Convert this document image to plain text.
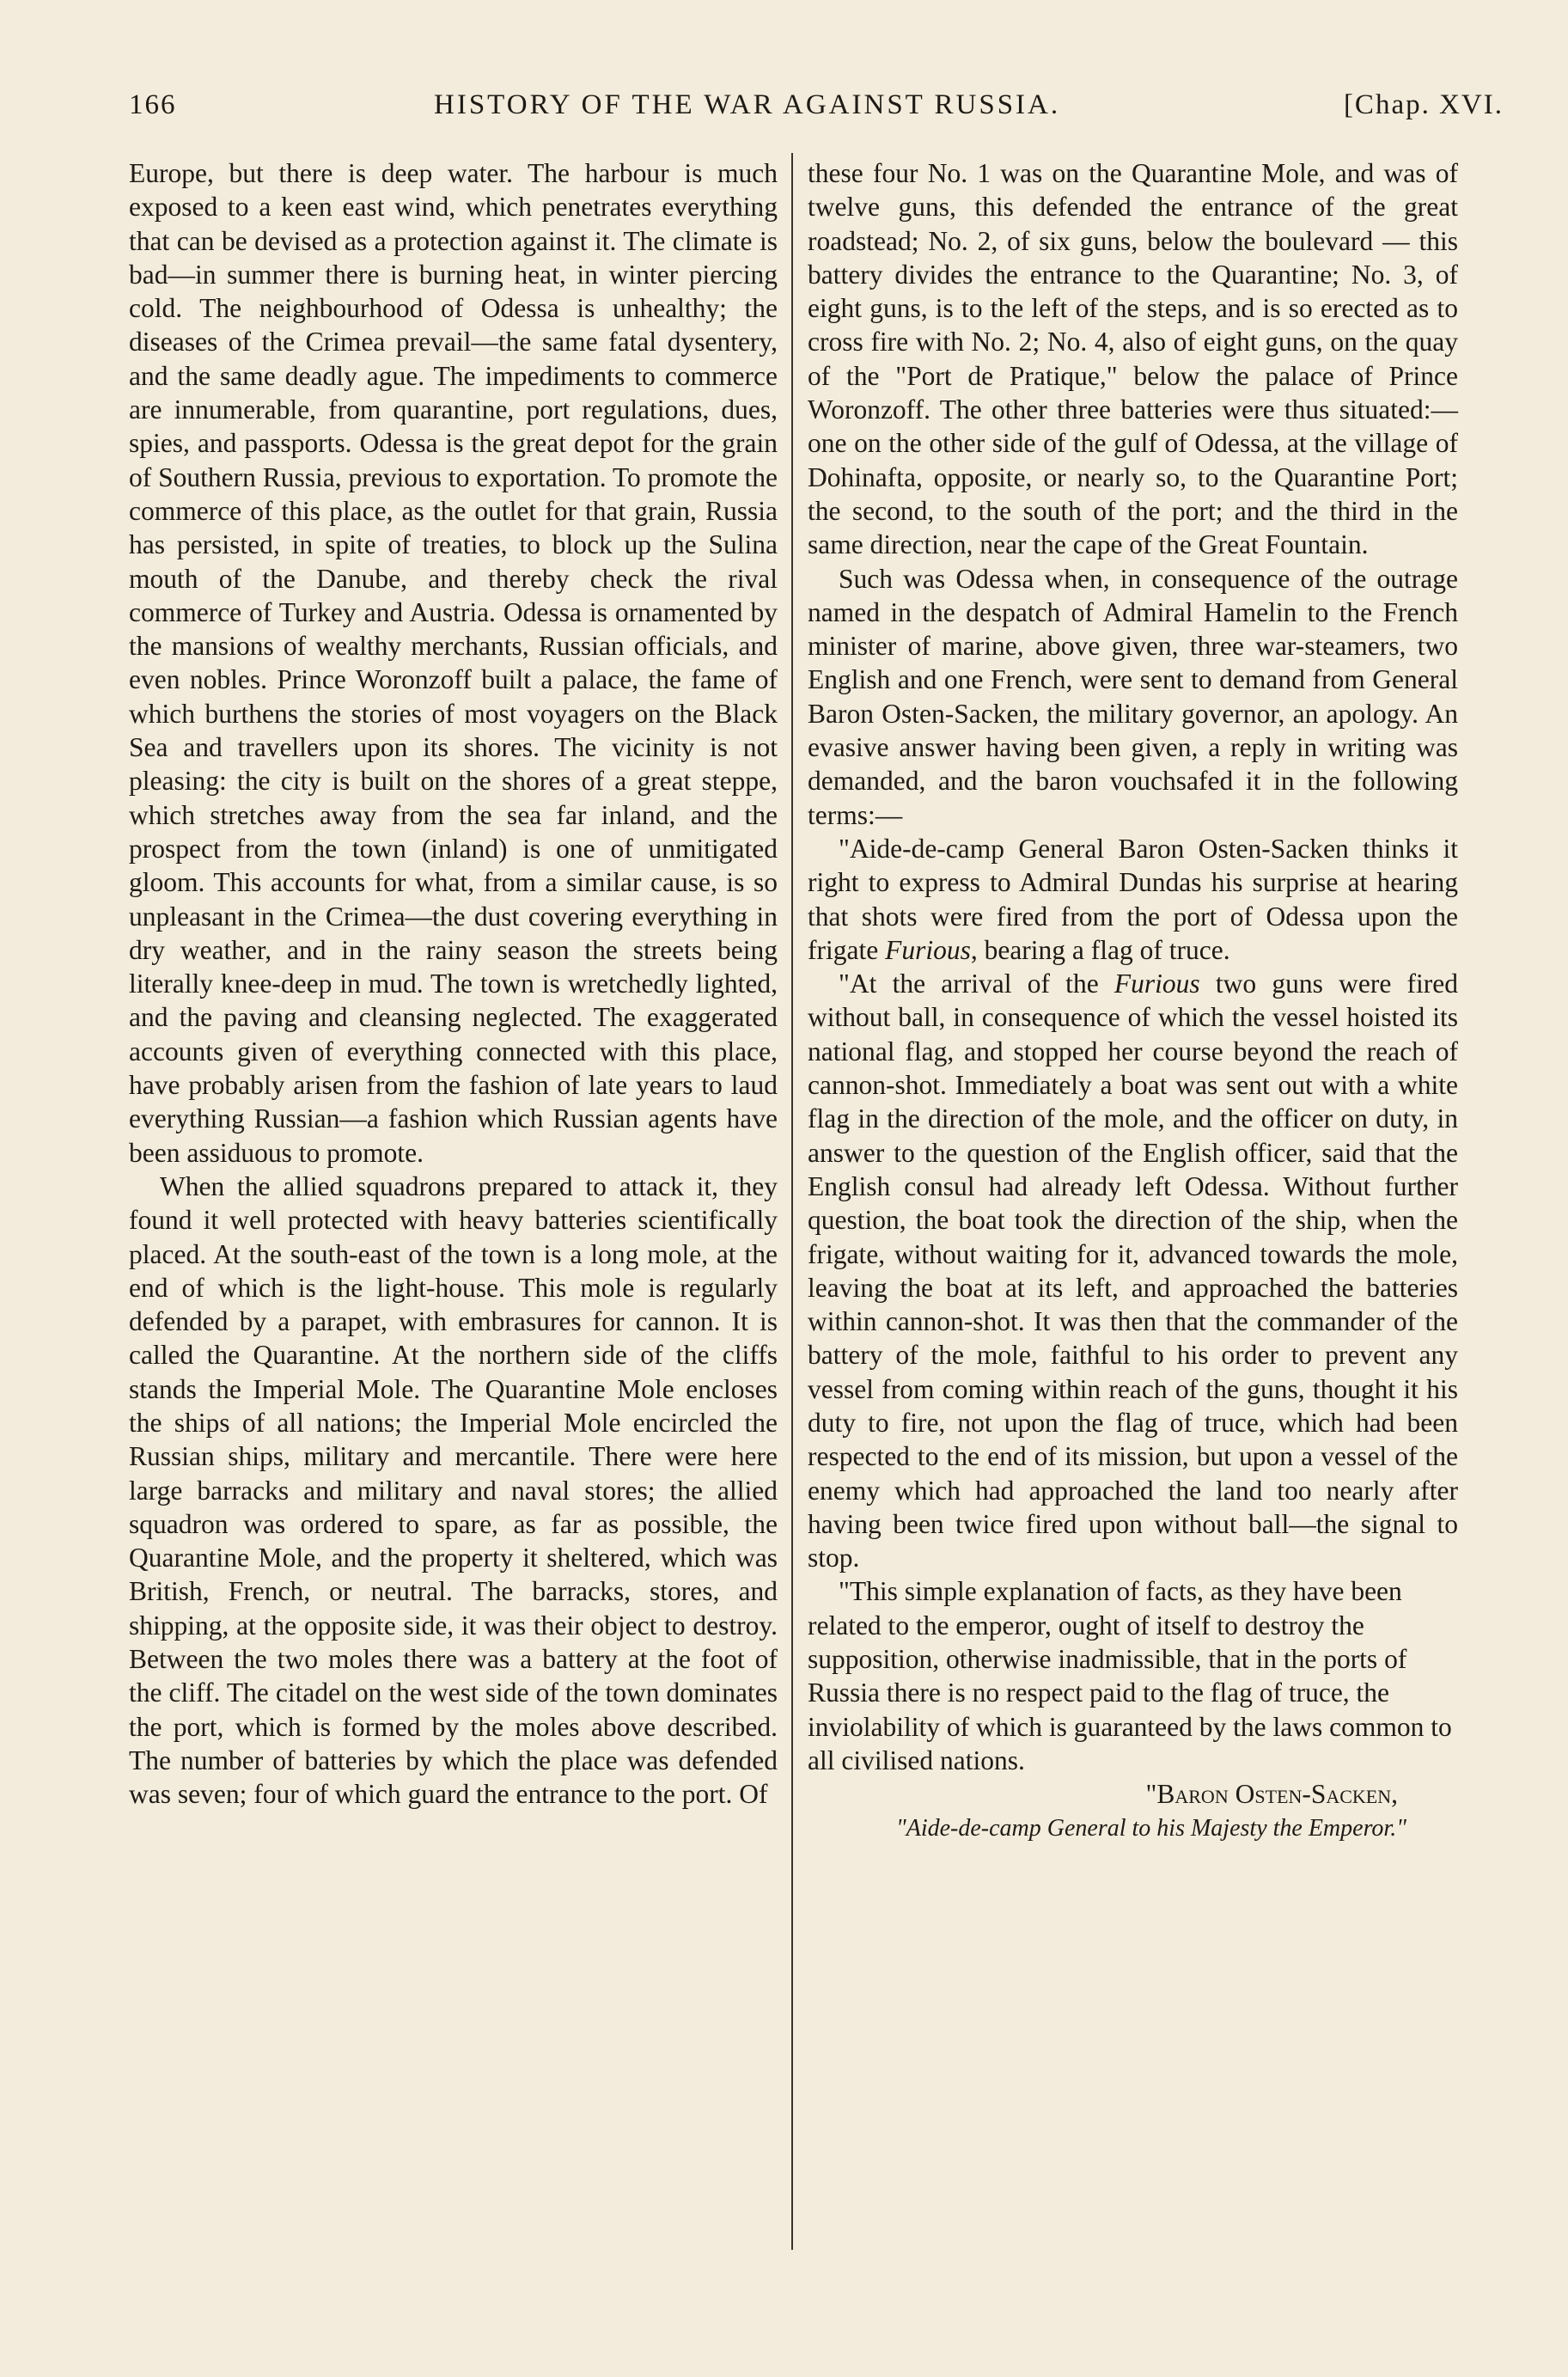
166	HISTORY OF THE WAR AGAINST RUSSIA.	[Chap. XVI.

Europe, but there is deep water. The harbour is much exposed to a keen east wind, which penetrates everything that can be devised as a protection against it. The climate is bad—in summer there is burning heat, in winter piercing cold. The neighbourhood of Odessa is unhealthy; the diseases of the Crimea prevail—the same fatal dysentery, and the same deadly ague. The impediments to commerce are innumerable, from quarantine, port regulations, dues, spies, and passports. Odessa is the great depot for the grain of Southern Russia, previous to exportation. To promote the commerce of this place, as the outlet for that grain, Russia has persisted, in spite of treaties, to block up the Sulina mouth of the Danube, and thereby check the rival commerce of Turkey and Austria. Odessa is ornamented by the mansions of wealthy merchants, Russian officials, and even nobles. Prince Woronzoff built a palace, the fame of which burthens the stories of most voyagers on the Black Sea and travellers upon its shores. The vicinity is not pleasing: the city is built on the shores of a great steppe, which stretches away from the sea far inland, and the prospect from the town (inland) is one of unmitigated gloom. This accounts for what, from a similar cause, is so unpleasant in the Crimea—the dust covering everything in dry weather, and in the rainy season the streets being literally knee-deep in mud. The town is wretchedly lighted, and the paving and cleansing neglected. The exaggerated accounts given of everything connected with this place, have probably arisen from the fashion of late years to laud everything Russian—a fashion which Russian agents have been assiduous to promote.

When the allied squadrons prepared to attack it, they found it well protected with heavy batteries scientifically placed. At the south-east of the town is a long mole, at the end of which is the light-house. This mole is regularly defended by a parapet, with embrasures for cannon. It is called the Quarantine. At the northern side of the cliffs stands the Imperial Mole. The Quarantine Mole encloses the ships of all nations; the Imperial Mole encircled the Russian ships, military and mercantile. There were here large barracks and military and naval stores; the allied squadron was ordered to spare, as far as possible, the Quarantine Mole, and the property it sheltered, which was British, French, or neutral. The barracks, stores, and shipping, at the opposite side, it was their object to destroy. Between the two moles there was a battery at the foot of the cliff. The citadel on the west side of the town dominates the port, which is formed by the moles above described. The number of batteries by which the place was defended was seven; four of which guard the entrance to the port. Of

these four No. 1 was on the Quarantine Mole, and was of twelve guns, this defended the entrance of the great roadstead; No. 2, of six guns, below the boulevard — this battery divides the entrance to the Quarantine; No. 3, of eight guns, is to the left of the steps, and is so erected as to cross fire with No. 2; No. 4, also of eight guns, on the quay of the "Port de Pratique," below the palace of Prince Woronzoff. The other three batteries were thus situated:—one on the other side of the gulf of Odessa, at the village of Dohinafta, opposite, or nearly so, to the Quarantine Port; the second, to the south of the port; and the third in the same direction, near the cape of the Great Fountain.

Such was Odessa when, in consequence of the outrage named in the despatch of Admiral Hamelin to the French minister of marine, above given, three war-steamers, two English and one French, were sent to demand from General Baron Osten-Sacken, the military governor, an apology. An evasive answer having been given, a reply in writing was demanded, and the baron vouchsafed it in the following terms:—

"Aide-de-camp General Baron Osten-Sacken thinks it right to express to Admiral Dundas his surprise at hearing that shots were fired from the port of Odessa upon the frigate Furious, bearing a flag of truce.

"At the arrival of the Furious two guns were fired without ball, in consequence of which the vessel hoisted its national flag, and stopped her course beyond the reach of cannon-shot. Immediately a boat was sent out with a white flag in the direction of the mole, and the officer on duty, in answer to the question of the English officer, said that the English consul had already left Odessa. Without further question, the boat took the direction of the ship, when the frigate, without waiting for it, advanced towards the mole, leaving the boat at its left, and approached the batteries within cannon-shot. It was then that the commander of the battery of the mole, faithful to his order to prevent any vessel from coming within reach of the guns, thought it his duty to fire, not upon the flag of truce, which had been respected to the end of its mission, but upon a vessel of the enemy which had approached the land too nearly after having been twice fired upon without ball—the signal to stop.

"This simple explanation of facts, as they have been related to the emperor, ought of itself to destroy the supposition, otherwise inadmissible, that in the ports of Russia there is no respect paid to the flag of truce, the inviolability of which is guaranteed by the laws common to all civilised nations.

"Baron Osten-Sacken,

"Aide-de-camp General to his Majesty the Emperor."
